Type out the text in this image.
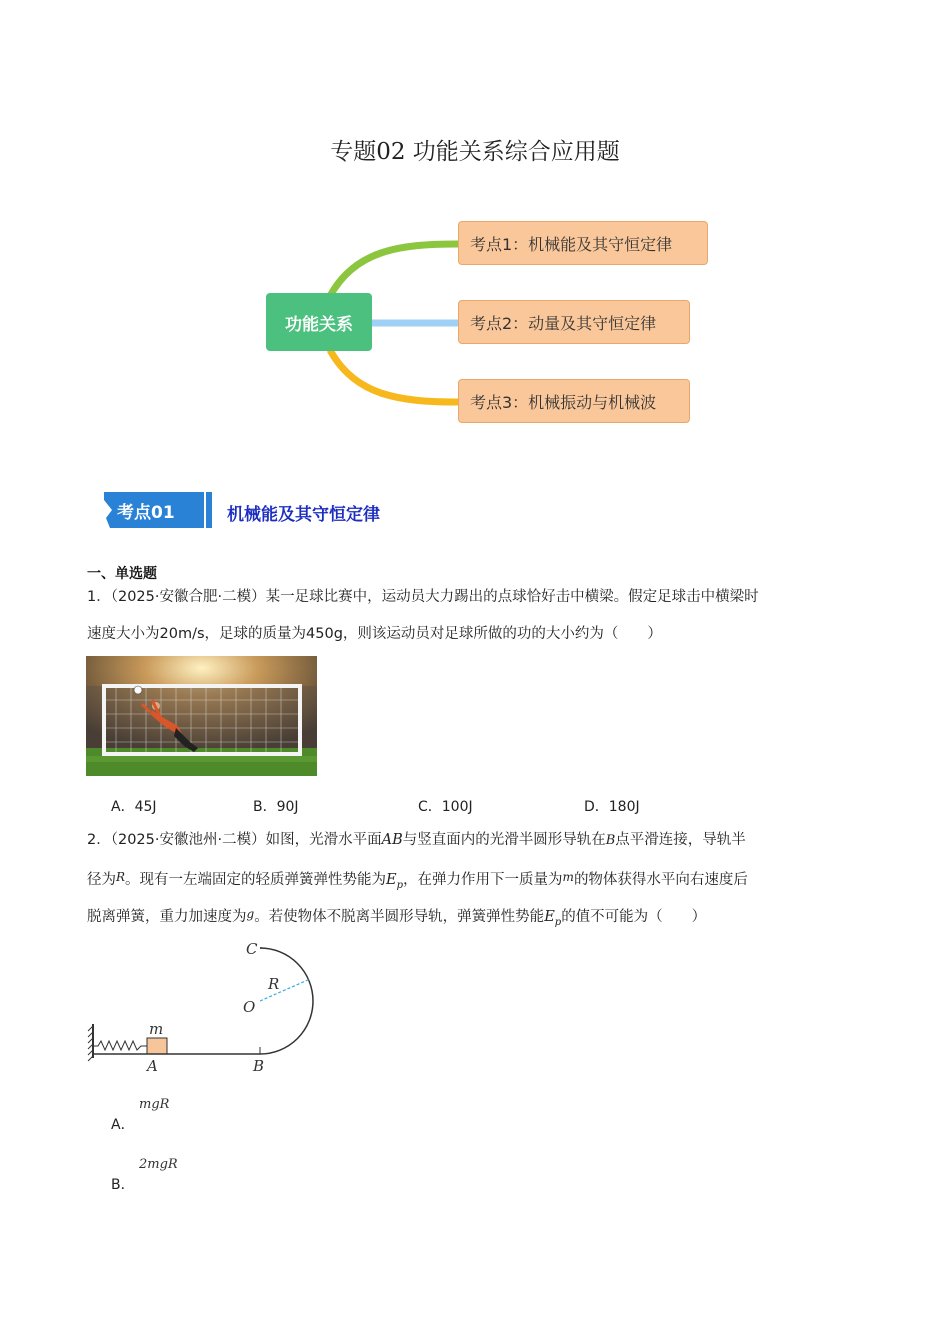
专题02 功能关系综合应用题
功能关系
考点1：机械能及其守恒定律
考点2：动量及其守恒定律
考点3：机械振动与机械波
考点01	机械能及其守恒定律
一、单选题
1．（2025·安徽合肥·二模）某一足球比赛中，运动员大力踢出的点球恰好击中横梁。假定足球击中横梁时
速度大小为20m/s，足球的质量为450g，则该运动员对足球所做的功的大小约为（　　）
A．45J	B．90J	C．100J	D．180J
2．（2025·安徽池州·二模）如图，光滑水平面AB与竖直面内的光滑半圆形导轨在B点平滑连接，导轨半
径为$^R$。现有一左端固定的轻质弹簧弹性势能为$E_p$，在弹力作用下一质量为$^m$的物体获得水平向右速度后
脱离弹簧，重力加速度为$^g$。若使物体不脱离半圆形导轨，弹簧弹性势能$E_p$的值不可能为（　　）
C
R
O
m
A	B
mgR
A．
2mgR
B．
